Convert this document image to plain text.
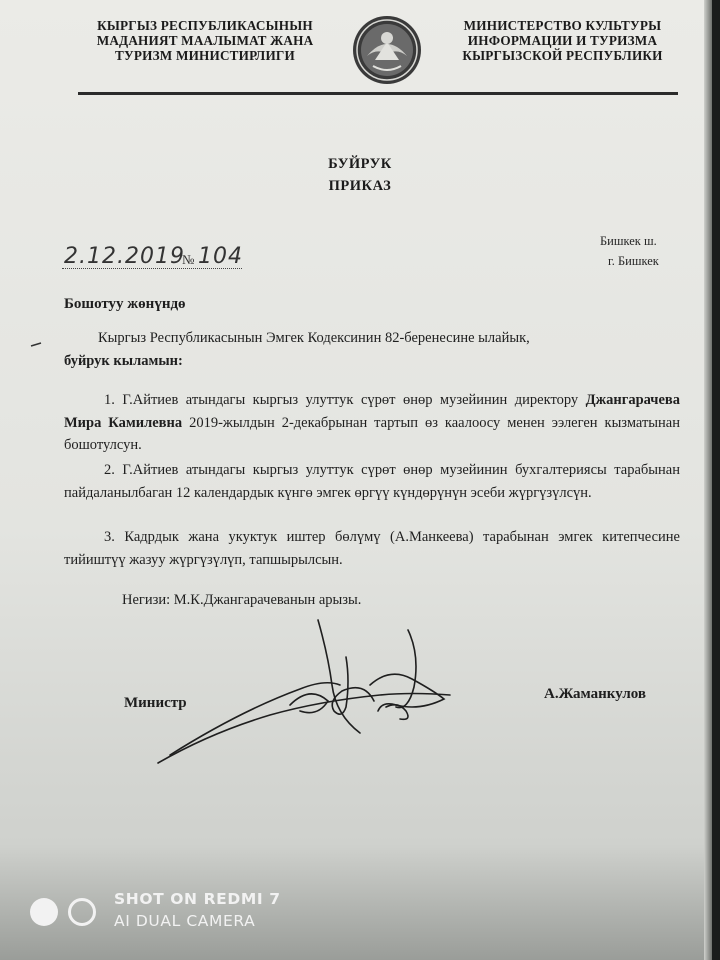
КЫРГЫЗ РЕСПУБЛИКАСЫНЫН
МАДАНИЯТ МААЛЫМАТ ЖАНА
ТУРИЗМ МИНИСТИРЛИГИ
МИНИСТЕРСТВО КУЛЬТУРЫ
ИНФОРМАЦИИ И ТУРИЗМА
КЫРГЫЗСКОЙ РЕСПУБЛИКИ
БУЙРУК
ПРИКАЗ
2.12.2019
№ 104
Бишкек ш.
г. Бишкек
Бошотуу жөнүндө
Кыргыз Республикасынын Эмгек Кодексинин 82-беренесине ылайык,
буйрук кыламын:
1. Г.Айтиев атындагы кыргыз улуттук сүрөт өнөр музейинин директору Джангарачева Мира Камилевна 2019-жылдын 2-декабрынан тартып өз каалоосу менен ээлеген кызматынан бошотулсун.
2. Г.Айтиев атындагы кыргыз улуттук сүрөт өнөр музейинин бухгалтериясы тарабынан пайдаланылбаган 12 календардык күнгө эмгек өргүү күндөрүнүн эсеби жүргүзүлсүн.
3. Кадрдык жана укуктук иштер бөлүмү (А.Манкеева) тарабынан эмгек китепчесине тийиштүү жазуу жүргүзүлүп, тапшырылсын.
Негизи: М.К.Джангарачеванын арызы.
Министр
А.Жаманкулов
SHOT ON REDMI 7
AI DUAL CAMERA
